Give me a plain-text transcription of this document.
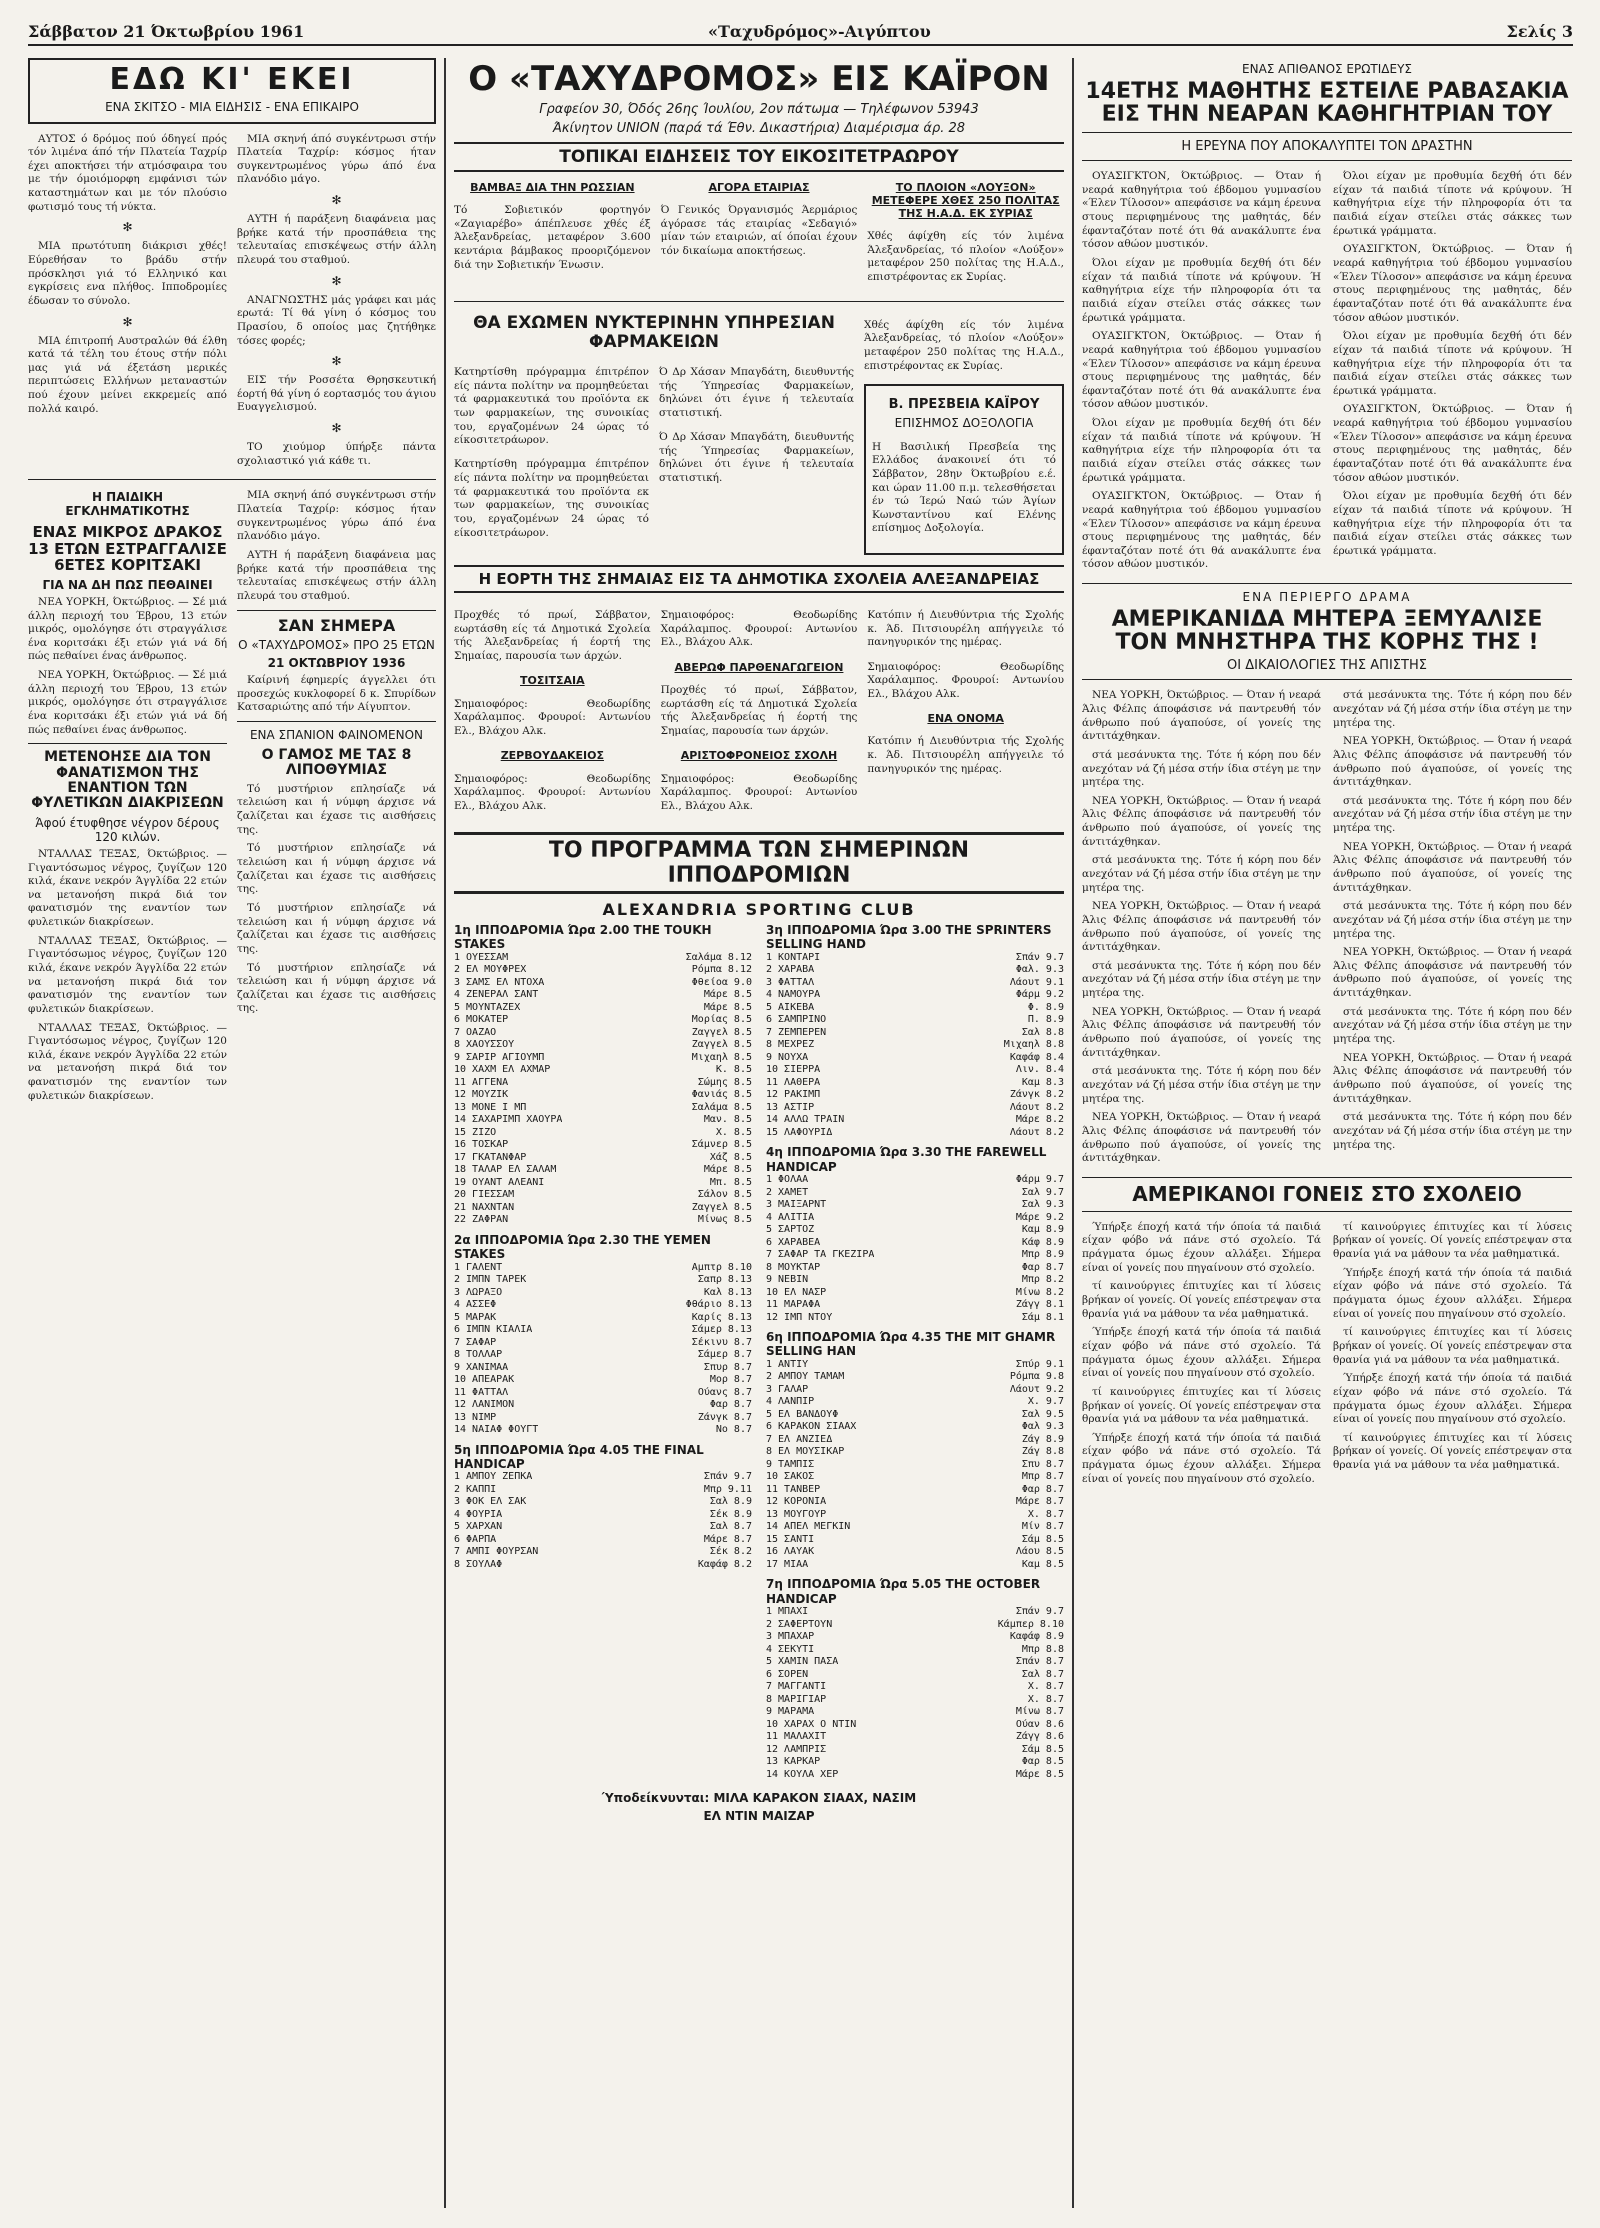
Σάββατον 21 Όκτωβρίου 1961	«Ταχυδρόμος»-Αιγύπτου	Σελίς 3
ΕΔΩ ΚΙ' ΕΚΕΙ
ΕΝΑ ΣΚΙΤΣΟ - ΜΙΑ ΕΙΔΗΣΙΣ - ΕΝΑ ΕΠΙΚΑΙΡΟ

ΑΥΤΟΣ ό δρόμος πού όδηγεί πρός τόν λιμένα άπό τήν Πλατεία Ταχρίρ έχει αποκτήσει τήν ατμόσφαιρα του με τήν όμοιόμορφη εμφάνισι τών καταστημάτων και με τόν πλούσιο φωτισμό τους τή νύκτα.

✻

ΜΙΑ πρωτότυπη διάκρισι χθές! Εύρεθήσαν το βράδυ στήν πρόσκλησι γιά τό Ελληνικό και εγκρίσεις ενα πλήθος. Ιπποδρομίες έδωσαν το σύνολο.

✻

ΜΙΑ έπιτροπή Αυστραλών θά έλθη κατά τά τέλη του έτους στήν πόλι μας γιά νά έξετάση μερικές περιπτώσεις Ελλήνων μεταναστών πού έχουν μείνει εκκρεμείς από πολλά καιρό.

ΜΙΑ σκηνή άπό συγκέντρωσι στήν Πλατεία Ταχρίρ: κόσμος ήταν συγκεντρωμένος γύρω άπό ένα πλανόδιο μάγο.

✻

ΑΥΤΗ ή παράξενη διαφάνεια μας βρήκε κατά τήν προσπάθεια της τελευταίας επισκέψεως στήν άλλη πλευρά του σταθμού.

✻

ΑΝΑΓΝΩΣΤΗΣ μάς γράφει και μάς ερωτά: Τί θά γίνη ό κόσμος του Πρασίου, δ οποίος μας ζητήθηκε τόσες φορές;

✻

ΕΙΣ τήν Ροσσέτα Θρησκευτική έορτή θά γίνη ό εορτασμός του άγιου Ευαγγελισμού.

✻

ΤΟ χιούμορ ύπήρξε πάντα σχολιαστικό γιά κάθε τι.

Η ΠΑΙΔΙΚΗ ΕΓΚΛΗΜΑΤΙΚΟΤΗΣ
ΕΝΑΣ ΜΙΚΡΟΣ ΔΡΑΚΟΣ 13 ΕΤΩΝ ΕΣΤΡΑΓΓΑΛΙΣΕ 6ΕΤΕΣ ΚΟΡΙΤΣΑΚΙ
ΓΙΑ ΝΑ ΔΗ ΠΩΣ ΠΕΘΑΙΝΕΙ

ΝΕΑ ΥΟΡΚΗ, Όκτώβριος. — Σέ μιά άλλη περιοχή του Έβρου, 13 ετών μικρός, ομολόγησε ότι στραγγάλισε ένα κοριτσάκι έξι ετών γιά νά δή πώς πεθαίνει ένας άνθρωπος.

ΝΕΑ ΥΟΡΚΗ, Όκτώβριος. — Σέ μιά άλλη περιοχή του Έβρου, 13 ετών μικρός, ομολόγησε ότι στραγγάλισε ένα κοριτσάκι έξι ετών γιά νά δή πώς πεθαίνει ένας άνθρωπος.

ΜΕΤΕΝΟΗΣΕ ΔΙΑ ΤΟΝ ΦΑΝΑΤΙΣΜΟΝ ΤΗΣ ΕΝΑΝΤΙΟΝ ΤΩΝ ΦΥΛΕΤΙΚΩΝ ΔΙΑΚΡΙΣΕΩΝ
Άφού έτυφθησε νέγρον δέρους 120 κιλών.

ΝΤΑΛΛΑΣ ΤΕΞΑΣ, Όκτώβριος. — Γιγαντόσωμος νέγρος, ζυγίζων 120 κιλά, έκανε νεκρόν Άγγλίδα 22 ετών να μετανοήση πικρά διά τον φανατισμόν της εναντίον των φυλετικών διακρίσεων.

ΝΤΑΛΛΑΣ ΤΕΞΑΣ, Όκτώβριος. — Γιγαντόσωμος νέγρος, ζυγίζων 120 κιλά, έκανε νεκρόν Άγγλίδα 22 ετών να μετανοήση πικρά διά τον φανατισμόν της εναντίον των φυλετικών διακρίσεων.

ΝΤΑΛΛΑΣ ΤΕΞΑΣ, Όκτώβριος. — Γιγαντόσωμος νέγρος, ζυγίζων 120 κιλά, έκανε νεκρόν Άγγλίδα 22 ετών να μετανοήση πικρά διά τον φανατισμόν της εναντίον των φυλετικών διακρίσεων.

ΜΙΑ σκηνή άπό συγκέντρωσι στήν Πλατεία Ταχρίρ: κόσμος ήταν συγκεντρωμένος γύρω άπό ένα πλανόδιο μάγο.

ΑΥΤΗ ή παράξενη διαφάνεια μας βρήκε κατά τήν προσπάθεια της τελευταίας επισκέψεως στήν άλλη πλευρά του σταθμού.

ΣΑΝ ΣΗΜΕΡΑ
Ο «ΤΑΧΥΔΡΟΜΟΣ» ΠΡΟ 25 ΕΤΩΝ
21 ΟΚΤΩΒΡΙΟΥ 1936

Καίρινή έφημερίς άγγελλει ότι προσεχώς κυκλοφορεί δ κ. Σπυρίδων Κατσαριώτης από τήν Αίγυπτον.

ΕΝΑ ΣΠΑΝΙΟΝ ΦΑΙΝΟΜΕΝΟΝ
Ο ΓΑΜΟΣ ΜΕ ΤΑΣ 8 ΛΙΠΟΘΥΜΙΑΣ

Τό μυστήριον επλησίαζε νά τελειώση και ή νύμφη άρχισε νά ζαλίζεται και έχασε τις αισθήσεις της.

Τό μυστήριον επλησίαζε νά τελειώση και ή νύμφη άρχισε νά ζαλίζεται και έχασε τις αισθήσεις της.

Τό μυστήριον επλησίαζε νά τελειώση και ή νύμφη άρχισε νά ζαλίζεται και έχασε τις αισθήσεις της.

Τό μυστήριον επλησίαζε νά τελειώση και ή νύμφη άρχισε νά ζαλίζεται και έχασε τις αισθήσεις της.

Ο «ΤΑΧΥΔΡΟΜΟΣ» ΕΙΣ ΚΑΪΡΟΝ
Γραφείον 30, Όδός 26ης Ίουλίου, 2ον πάτωμα — Τηλέφωνον 53943
Άκίνητον UNION (παρά τά Έθν. Δικαστήρια) Διαμέρισμα άρ. 28
ΤΟΠΙΚΑΙ ΕΙΔΗΣΕΙΣ ΤΟΥ ΕΙΚΟΣΙΤΕΤΡΑΩΡΟΥ
ΒΑΜΒΑΞ ΔΙΑ ΤΗΝ ΡΩΣΣΙΑΝ

Τό Σοβιετικόν φορτηγόν «Ζαγιαρέβο» άπέπλευσε χθές έξ Άλεξανδρείας, μεταφέρον 3.600 κεντάρια βάμβακος προοριζόμενον διά την Σοβιετικήν Ένωσιν.

ΑΓΟΡΑ ΕΤΑΙΡΙΑΣ

Ό Γενικός Όργανισμός Άερμάριος άγόρασε τάς εταιρίας «Σεδαγιό» μίαν τών εταιριών, αί όποίαι έχουν τόν δικαίωμα αποκτήσεως.

ΤΟ ΠΛΟΙΟΝ «ΛΟΥΞΟΝ» ΜΕΤΕΦΕΡΕ ΧΘΕΣ 250 ΠΟΛΙΤΑΣ ΤΗΣ Η.Α.Δ. ΕΚ ΣΥΡΙΑΣ

Χθές άφίχθη είς τόν λιμένα Άλεξανδρείας, τό πλοίον «Λούξον» μεταφέρον 250 πολίτας της Η.Α.Δ., επιστρέφοντας εκ Συρίας.

ΘΑ ΕΧΩΜΕΝ ΝΥΚΤΕΡΙΝΗΝ ΥΠΗΡΕΣΙΑΝ ΦΑΡΜΑΚΕΙΩΝ

Κατηρτίσθη πρόγραμμα έπιτρέπον είς πάντα πολίτην να προμηθεύεται τά φαρμακευτικά του προϊόντα εκ των φαρμακείων, της συνοικίας του, εργαζομένων 24 ώρας τό είκοσιτετράωρον.

Κατηρτίσθη πρόγραμμα έπιτρέπον είς πάντα πολίτην να προμηθεύεται τά φαρμακευτικά του προϊόντα εκ των φαρμακείων, της συνοικίας του, εργαζομένων 24 ώρας τό είκοσιτετράωρον.

Ό Δρ Χάσαν Μπαγδάτη, διευθυντής τής Ύπηρεσίας Φαρμακείων, δηλώνει ότι έγινε ή τελευταία στατιστική.

Ό Δρ Χάσαν Μπαγδάτη, διευθυντής τής Ύπηρεσίας Φαρμακείων, δηλώνει ότι έγινε ή τελευταία στατιστική.

Χθές άφίχθη είς τόν λιμένα Άλεξανδρείας, τό πλοίον «Λούξον» μεταφέρον 250 πολίτας της Η.Α.Δ., επιστρέφοντας εκ Συρίας.

Β. ΠΡΕΣΒΕΙΑ ΚΑΪΡΟΥ
ΕΠΙΣΗΜΟΣ ΔΟΞΟΛΟΓΙΑ

Η Βασιλική Πρεσβεία της Ελλάδος άνακοινεί ότι τό Σάββατον, 28ην Όκτωβρίου ε.έ. και ώραν 11.00 π.μ. τελεσθήσεται έν τώ Ίερώ Ναώ τών Άγίων Κωνσταντίνου καί Ελένης επίσημος Δοξολογία.

Η ΕΟΡΤΗ ΤΗΣ ΣΗΜΑΙΑΣ ΕΙΣ ΤΑ ΔΗΜΟΤΙΚΑ ΣΧΟΛΕΙΑ ΑΛΕΞΑΝΔΡΕΙΑΣ

Προχθές τό πρωί, Σάββατον, εωρτάσθη είς τά Δημοτικά Σχολεία τής Άλεξανδρείας ή έορτή της Σημαίας, παρουσία των άρχών.

ΤΟΣΙΤΣΑΙΑ

Σημαιοφόρος: Θεοδωρίδης Χαράλαμπος. Φρουροί: Αντωνίου Ελ., Βλάχου Αλκ.

ΖΕΡΒΟΥΔΑΚΕΙΟΣ

Σημαιοφόρος: Θεοδωρίδης Χαράλαμπος. Φρουροί: Αντωνίου Ελ., Βλάχου Αλκ.

Σημαιοφόρος: Θεοδωρίδης Χαράλαμπος. Φρουροί: Αντωνίου Ελ., Βλάχου Αλκ.

ΑΒΕΡΩΦ ΠΑΡΘΕΝΑΓΩΓΕΙΟΝ

Προχθές τό πρωί, Σάββατον, εωρτάσθη είς τά Δημοτικά Σχολεία τής Άλεξανδρείας ή έορτή της Σημαίας, παρουσία των άρχών.

ΑΡΙΣΤΟΦΡΟΝΕΙΟΣ ΣΧΟΛΗ

Σημαιοφόρος: Θεοδωρίδης Χαράλαμπος. Φρουροί: Αντωνίου Ελ., Βλάχου Αλκ.

Κατόπιν ή Διευθύντρια τής Σχολής κ. Άδ. Πιτσιουρέλη απήγγειλε τό πανηγυρικόν της ημέρας.

Σημαιοφόρος: Θεοδωρίδης Χαράλαμπος. Φρουροί: Αντωνίου Ελ., Βλάχου Αλκ.

ΕΝΑ ΟΝΟΜΑ

Κατόπιν ή Διευθύντρια τής Σχολής κ. Άδ. Πιτσιουρέλη απήγγειλε τό πανηγυρικόν της ημέρας.

ΤΟ ΠΡΟΓΡΑΜΜΑ ΤΩΝ ΣΗΜΕΡΙΝΩΝ ΙΠΠΟΔΡΟΜΙΩΝ
ALEXANDRIA SPORTING CLUB
1η ΙΠΠΟΔΡΟΜΙΑ Ώρα 2.00 THE TOUKH STAKES
1 ΟΥΕΣΣΑΜ	Σαλάμα 8.12
2 ΕΛ ΜΟΥΦΡΕΧ	Ρόμπα 8.12
3 ΣΑΜΣ ΕΛ ΝΤΟΧΑ	Φθείοα 9.0
4 ΖΕΝΕΡΑΛ ΣΑΝΤ	Μάρε 8.5
5 ΜΟΥΝΤΑΖΕΧ	Μάρε 8.5
6 ΜΟΚΑΤΕΡ	Μορίας 8.5
7 ΟΑΖΑΟ	Ζαγγελ 8.5
8 ΧΑΟΥΣΣΟΥ	Ζαγγελ 8.5
9 ΣΑΡΙΡ ΑΓΙΟΥΜΠ	Μιχαηλ 8.5
10 ΧΑΧΜ ΕΛ ΑΧΜΑΡ	Κ. 8.5
11 ΑΓΓΕΝΑ	Σώμης 8.5
12 ΜΟΥΖΙΚ	Φανιάς 8.5
13 ΜΟΝΕ Ι ΜΠ	Σαλάμα 8.5
14 ΣΑΧΑΡΙΜΠ ΧΑΟΥΡΑ	Μαν. 8.5
15 ΖΙΖΟ	Χ. 8.5
16 ΤΟΣΚΑΡ	Σάμνερ 8.5
17 ΓΚΑΤΑΝΦΑΡ	Χάζ 8.5
18 ΤΑΛΑΡ ΕΛ ΣΑΛΑΜ	Μάρε 8.5
19 ΟΥΑΝΤ ΑΛΕΑΝΙ	Μπ. 8.5
20 ΓΙΕΣΣΑΜ	Σάλον 8.5
21 ΝΑΧΝΤΑΝ	Ζαγγελ 8.5
22 ΖΑΦΡΑΝ	Μίνως 8.5
2α ΙΠΠΟΔΡΟΜΙΑ Ώρα 2.30 THE YEMEN STAKES
1 ΓΑΛΕΝΤ	Αμπτρ 8.10
2 ΙΜΠΝ ΤΑΡΕΚ	Σαπρ 8.13
3 ΛΩΡΑΞΟ	Καλ 8.13
4 ΑΣΣΕΦ	Φθάριο 8.13
5 ΜΑΡΑΚ	Καρίς 8.13
6 ΙΜΠΝ ΚΙΑΛΙΑ	Σάμερ 8.13
7 ΣΑΦΑΡ	Σέκινυ 8.7
8 ΤΟΛΛΑΡ	Σάμερ 8.7
9 ΧΑΝΙΜΑΑ	Σπυρ 8.7
10 ΑΠΕΑΡΑΚ	Μορ 8.7
11 ΦΑΤΤΑΛ	Ούανς 8.7
12 ΛΑΝΙΜΟΝ	Φαρ 8.7
13 ΝΙΜΡ	Ζάνγκ 8.7
14 ΝΑΙΑΦ ΦΟΥΓΤ	Νο 8.7
5η ΙΠΠΟΔΡΟΜΙΑ Ώρα 4.05 THE FINAL HANDICAP
1 ΑΜΠΟΥ ΖΕΠΚΑ	Σπάν 9.7
2 ΚΑΠΠΙ	Μπρ 9.11
3 ΦΟΚ ΕΛ ΣΑΚ	Σαλ 8.9
4 ΦΟΥΡΙΑ	Σέκ 8.9
5 ΧΑΡΧΑΝ	Σαλ 8.7
6 ΦΑΡΠΑ	Μάρε 8.7
7 ΑΜΠΙ ΦΟΥΡΣΑΝ	Σέκ 8.2
8 ΣΟΥΛΑΦ	Καφάφ 8.2
3η ΙΠΠΟΔΡΟΜΙΑ Ώρα 3.00 THE SPRINTERS SELLING HAND
1 ΚΟΝΤΑΡΙ	Σπάν 9.7
2 ΧΑΡΑΒΑ	Φαλ. 9.3
3 ΦΑΤΤΑΛ	Λάουτ 9.1
4 ΝΑΜΟΥΡΑ	Φάρμ 9.2
5 ΑΙΚΕΒΑ	Φ. 8.9
6 ΣΑΜΠΡΙΝΟ	Π. 8.9
7 ΖΕΜΠΕΡΕΝ	Σαλ 8.8
8 ΜΕΧΡΕΖ	Μιχαηλ 8.8
9 ΝΟΥΧΑ	Καφάφ 8.4
10 ΣΙΕΡΡΑ	Λιν. 8.4
11 ΛΑΘΕΡΑ	Καμ 8.3
12 ΡΑΚΙΜΠ	Ζάνγκ 8.2
13 ΑΣΤΙΡ	Λάουτ 8.2
14 ΑΛΛΩ ΤΡΑΙΝ	Μάρε 8.2
15 ΛΑΦΟΥΡΙΔ	Λάουτ 8.2
4η ΙΠΠΟΔΡΟΜΙΑ Ώρα 3.30 THE FAREWELL HANDICAP
1 ΦΟΛΑΑ	Φάρμ 9.7
2 ΧΑΜΕΤ	Σαλ 9.7
3 ΜΑΙΞΑΡΝΤ	Σαλ 9.3
4 ΑΛΙΤΙΑ	Μάρε 9.2
5 ΣΑΡΤΟΖ	Καμ 8.9
6 ΧΑΡΑΒΕΑ	Κάφ 8.9
7 ΣΑΦΑΡ ΤΑ ΓΚΕΖΙΡΑ	Μπρ 8.9
8 ΜΟΥΚΤΑΡ	Φαρ 8.7
9 ΝΕΒΙΝ	Μπρ 8.2
10 ΕΛ ΝΑΣΡ	Μίνω 8.2
11 ΜΑΡΑΦΑ	Ζάγγ 8.1
12 ΙΜΠ ΝΤΟΥ	Σάμ 8.1
6η ΙΠΠΟΔΡΟΜΙΑ Ώρα 4.35 THE MIT GHAMR SELLING HAN
1 ΑΝΤΙΥ	Σπύρ 9.1
2 ΑΜΠΟΥ ΤΑΜΑΜ	Ρόμπα 9.8
3 ΓΑΛΑΡ	Λάουτ 9.2
4 ΛΑΝΠΙΡ	Χ. 9.7
5 ΕΛ ΒΑΝΔΟΥΦ	Σαλ 9.5
6 ΚΑΡΑΚΟΝ ΣΙΑΑΧ	Φαλ 9.3
7 ΕΛ ΑΝΖΙΕΔ	Ζάγ 8.9
8 ΕΛ ΜΟΥΣΙΚΑΡ	Ζάγ 8.8
9 ΤΑΜΠΙΣ	Σπυ 8.7
10 ΣΑΚΟΣ	Μπρ 8.7
11 ΤΑΝΒΕΡ	Φαρ 8.7
12 ΚΟΡΟΝΙΑ	Μάρε 8.7
13 ΜΟΥΓΟΥΡ	Χ. 8.7
14 ΑΠΕΛ ΜΕΓΚΙΝ	Μίν 8.7
15 ΣΑΝΤΙ	Σάμ 8.5
16 ΛΑΥΑΚ	Λάου 8.5
17 ΜΙΑΑ	Καμ 8.5
7η ΙΠΠΟΔΡΟΜΙΑ Ώρα 5.05 THE OCTOBER HANDICAP
1 ΜΠΑΧΙ	Σπάν 9.7
2 ΣΑΦΕΡΤΟΥΝ	Κάμπερ 8.10
3 ΜΠΑΧΑΡ	Καφάφ 8.9
4 ΣΕΚΥΤΙ	Μπρ 8.8
5 ΧΑΜΙΝ ΠΑΣΑ	Σπάν 8.7
6 ΣΟΡΕΝ	Σαλ 8.7
7 ΜΑΓΓΑΝΤΙ	Χ. 8.7
8 ΜΑΡΙΓΙΑΡ	Χ. 8.7
9 ΜΑΡΑΜΑ	Μίνω 8.7
10 ΧΑΡΑΧ Ο ΝΤΙΝ	Ούαν 8.6
11 ΜΑΛΑΧΙΤ	Ζάγγ 8.6
12 ΛΑΜΠΡΙΣ	Σάμ 8.5
13 ΚΑΡΚΑΡ	Φαρ 8.5
14 ΚΟΥΛΑ ΧΕΡ	Μάρε 8.5
Ύποδείκνυνται: ΜΙΛΑ ΚΑΡΑΚΟΝ ΣΙΑΑΧ, ΝΑΣΙΜ
ΕΛ ΝΤΙΝ ΜΑΙΖΑΡ
ΕΝΑΣ ΑΠΙΘΑΝΟΣ ΕΡΩΤΙΔΕΥΣ
14ΕΤΗΣ ΜΑΘΗΤΗΣ ΕΣΤΕΙΛΕ ΡΑΒΑΣΑΚΙΑ ΕΙΣ ΤΗΝ ΝΕΑΡΑΝ ΚΑΘΗΓΗΤΡΙΑΝ ΤΟΥ
Η ΕΡΕΥΝΑ ΠΟΥ ΑΠΟΚΑΛΥΠΤΕΙ ΤΟΝ ΔΡΑΣΤΗΝ

ΟΥΑΣΙΓΚΤΟΝ, Όκτώβριος. — Όταν ή νεαρά καθηγήτρια τού έβδομου γυμνασίου «Έλεν Τίλοσον» απεφάσισε να κάμη έρευνα στους περιφημένους της μαθητάς, δέν έφανταζόταν ποτέ ότι θά ανακάλυπτε ένα τόσον αθώον μυστικόν.

Όλοι είχαν με προθυμία δεχθή ότι δέν είχαν τά παιδιά τίποτε νά κρύψουν. Ή καθηγήτρια είχε τήν πληροφορία ότι τα παιδιά είχαν στείλει στάς σάκκες των έρωτικά γράμματα.

ΟΥΑΣΙΓΚΤΟΝ, Όκτώβριος. — Όταν ή νεαρά καθηγήτρια τού έβδομου γυμνασίου «Έλεν Τίλοσον» απεφάσισε να κάμη έρευνα στους περιφημένους της μαθητάς, δέν έφανταζόταν ποτέ ότι θά ανακάλυπτε ένα τόσον αθώον μυστικόν.

Όλοι είχαν με προθυμία δεχθή ότι δέν είχαν τά παιδιά τίποτε νά κρύψουν. Ή καθηγήτρια είχε τήν πληροφορία ότι τα παιδιά είχαν στείλει στάς σάκκες των έρωτικά γράμματα.

ΟΥΑΣΙΓΚΤΟΝ, Όκτώβριος. — Όταν ή νεαρά καθηγήτρια τού έβδομου γυμνασίου «Έλεν Τίλοσον» απεφάσισε να κάμη έρευνα στους περιφημένους της μαθητάς, δέν έφανταζόταν ποτέ ότι θά ανακάλυπτε ένα τόσον αθώον μυστικόν.

Όλοι είχαν με προθυμία δεχθή ότι δέν είχαν τά παιδιά τίποτε νά κρύψουν. Ή καθηγήτρια είχε τήν πληροφορία ότι τα παιδιά είχαν στείλει στάς σάκκες των έρωτικά γράμματα.

ΟΥΑΣΙΓΚΤΟΝ, Όκτώβριος. — Όταν ή νεαρά καθηγήτρια τού έβδομου γυμνασίου «Έλεν Τίλοσον» απεφάσισε να κάμη έρευνα στους περιφημένους της μαθητάς, δέν έφανταζόταν ποτέ ότι θά ανακάλυπτε ένα τόσον αθώον μυστικόν.

Όλοι είχαν με προθυμία δεχθή ότι δέν είχαν τά παιδιά τίποτε νά κρύψουν. Ή καθηγήτρια είχε τήν πληροφορία ότι τα παιδιά είχαν στείλει στάς σάκκες των έρωτικά γράμματα.

ΟΥΑΣΙΓΚΤΟΝ, Όκτώβριος. — Όταν ή νεαρά καθηγήτρια τού έβδομου γυμνασίου «Έλεν Τίλοσον» απεφάσισε να κάμη έρευνα στους περιφημένους της μαθητάς, δέν έφανταζόταν ποτέ ότι θά ανακάλυπτε ένα τόσον αθώον μυστικόν.

Όλοι είχαν με προθυμία δεχθή ότι δέν είχαν τά παιδιά τίποτε νά κρύψουν. Ή καθηγήτρια είχε τήν πληροφορία ότι τα παιδιά είχαν στείλει στάς σάκκες των έρωτικά γράμματα.

ΕΝΑ ΠΕΡΙΕΡΓΟ ΔΡΑΜΑ
ΑΜΕΡΙΚΑΝΙΔΑ ΜΗΤΕΡΑ ΞΕΜΥΑΛΙΣΕ ΤΟΝ ΜΝΗΣΤΗΡΑ ΤΗΣ ΚΟΡΗΣ ΤΗΣ !
ΟΙ ΔΙΚΑΙΟΛΟΓΙΕΣ ΤΗΣ ΑΠΙΣΤΗΣ

ΝΕΑ ΥΟΡΚΗ, Όκτώβριος. — Όταν ή νεαρά Άλις Φέλπς άποφάσισε νά παντρευθή τόν άνθρωπο πού άγαπούσε, οί γονείς της άντιτάχθηκαν.

στά μεσάνυκτα της. Τότε ή κόρη που δέν ανεχόταν νά ζή μέσα στήν ίδια στέγη με την μητέρα της.

ΝΕΑ ΥΟΡΚΗ, Όκτώβριος. — Όταν ή νεαρά Άλις Φέλπς άποφάσισε νά παντρευθή τόν άνθρωπο πού άγαπούσε, οί γονείς της άντιτάχθηκαν.

στά μεσάνυκτα της. Τότε ή κόρη που δέν ανεχόταν νά ζή μέσα στήν ίδια στέγη με την μητέρα της.

ΝΕΑ ΥΟΡΚΗ, Όκτώβριος. — Όταν ή νεαρά Άλις Φέλπς άποφάσισε νά παντρευθή τόν άνθρωπο πού άγαπούσε, οί γονείς της άντιτάχθηκαν.

στά μεσάνυκτα της. Τότε ή κόρη που δέν ανεχόταν νά ζή μέσα στήν ίδια στέγη με την μητέρα της.

ΝΕΑ ΥΟΡΚΗ, Όκτώβριος. — Όταν ή νεαρά Άλις Φέλπς άποφάσισε νά παντρευθή τόν άνθρωπο πού άγαπούσε, οί γονείς της άντιτάχθηκαν.

στά μεσάνυκτα της. Τότε ή κόρη που δέν ανεχόταν νά ζή μέσα στήν ίδια στέγη με την μητέρα της.

ΝΕΑ ΥΟΡΚΗ, Όκτώβριος. — Όταν ή νεαρά Άλις Φέλπς άποφάσισε νά παντρευθή τόν άνθρωπο πού άγαπούσε, οί γονείς της άντιτάχθηκαν.

στά μεσάνυκτα της. Τότε ή κόρη που δέν ανεχόταν νά ζή μέσα στήν ίδια στέγη με την μητέρα της.

ΝΕΑ ΥΟΡΚΗ, Όκτώβριος. — Όταν ή νεαρά Άλις Φέλπς άποφάσισε νά παντρευθή τόν άνθρωπο πού άγαπούσε, οί γονείς της άντιτάχθηκαν.

στά μεσάνυκτα της. Τότε ή κόρη που δέν ανεχόταν νά ζή μέσα στήν ίδια στέγη με την μητέρα της.

ΝΕΑ ΥΟΡΚΗ, Όκτώβριος. — Όταν ή νεαρά Άλις Φέλπς άποφάσισε νά παντρευθή τόν άνθρωπο πού άγαπούσε, οί γονείς της άντιτάχθηκαν.

στά μεσάνυκτα της. Τότε ή κόρη που δέν ανεχόταν νά ζή μέσα στήν ίδια στέγη με την μητέρα της.

ΝΕΑ ΥΟΡΚΗ, Όκτώβριος. — Όταν ή νεαρά Άλις Φέλπς άποφάσισε νά παντρευθή τόν άνθρωπο πού άγαπούσε, οί γονείς της άντιτάχθηκαν.

στά μεσάνυκτα της. Τότε ή κόρη που δέν ανεχόταν νά ζή μέσα στήν ίδια στέγη με την μητέρα της.

ΝΕΑ ΥΟΡΚΗ, Όκτώβριος. — Όταν ή νεαρά Άλις Φέλπς άποφάσισε νά παντρευθή τόν άνθρωπο πού άγαπούσε, οί γονείς της άντιτάχθηκαν.

στά μεσάνυκτα της. Τότε ή κόρη που δέν ανεχόταν νά ζή μέσα στήν ίδια στέγη με την μητέρα της.

ΑΜΕΡΙΚΑΝΟΙ ΓΟΝΕΙΣ ΣΤΟ ΣΧΟΛΕΙΟ

Ύπήρξε έποχή κατά τήν όποία τά παιδιά είχαν φόβο νά πάνε στό σχολείο. Τά πράγματα όμως έχουν αλλάξει. Σήμερα είναι οί γονείς που πηγαίνουν στό σχολείο.

τί καινούργιες έπιτυχίες και τί λύσεις βρήκαν οί γονείς. Οί γονείς επέστρεψαν στα θρανία γιά να μάθουν τα νέα μαθηματικά.

Ύπήρξε έποχή κατά τήν όποία τά παιδιά είχαν φόβο νά πάνε στό σχολείο. Τά πράγματα όμως έχουν αλλάξει. Σήμερα είναι οί γονείς που πηγαίνουν στό σχολείο.

τί καινούργιες έπιτυχίες και τί λύσεις βρήκαν οί γονείς. Οί γονείς επέστρεψαν στα θρανία γιά να μάθουν τα νέα μαθηματικά.

Ύπήρξε έποχή κατά τήν όποία τά παιδιά είχαν φόβο νά πάνε στό σχολείο. Τά πράγματα όμως έχουν αλλάξει. Σήμερα είναι οί γονείς που πηγαίνουν στό σχολείο.

τί καινούργιες έπιτυχίες και τί λύσεις βρήκαν οί γονείς. Οί γονείς επέστρεψαν στα θρανία γιά να μάθουν τα νέα μαθηματικά.

Ύπήρξε έποχή κατά τήν όποία τά παιδιά είχαν φόβο νά πάνε στό σχολείο. Τά πράγματα όμως έχουν αλλάξει. Σήμερα είναι οί γονείς που πηγαίνουν στό σχολείο.

τί καινούργιες έπιτυχίες και τί λύσεις βρήκαν οί γονείς. Οί γονείς επέστρεψαν στα θρανία γιά να μάθουν τα νέα μαθηματικά.

Ύπήρξε έποχή κατά τήν όποία τά παιδιά είχαν φόβο νά πάνε στό σχολείο. Τά πράγματα όμως έχουν αλλάξει. Σήμερα είναι οί γονείς που πηγαίνουν στό σχολείο.

τί καινούργιες έπιτυχίες και τί λύσεις βρήκαν οί γονείς. Οί γονείς επέστρεψαν στα θρανία γιά να μάθουν τα νέα μαθηματικά.
